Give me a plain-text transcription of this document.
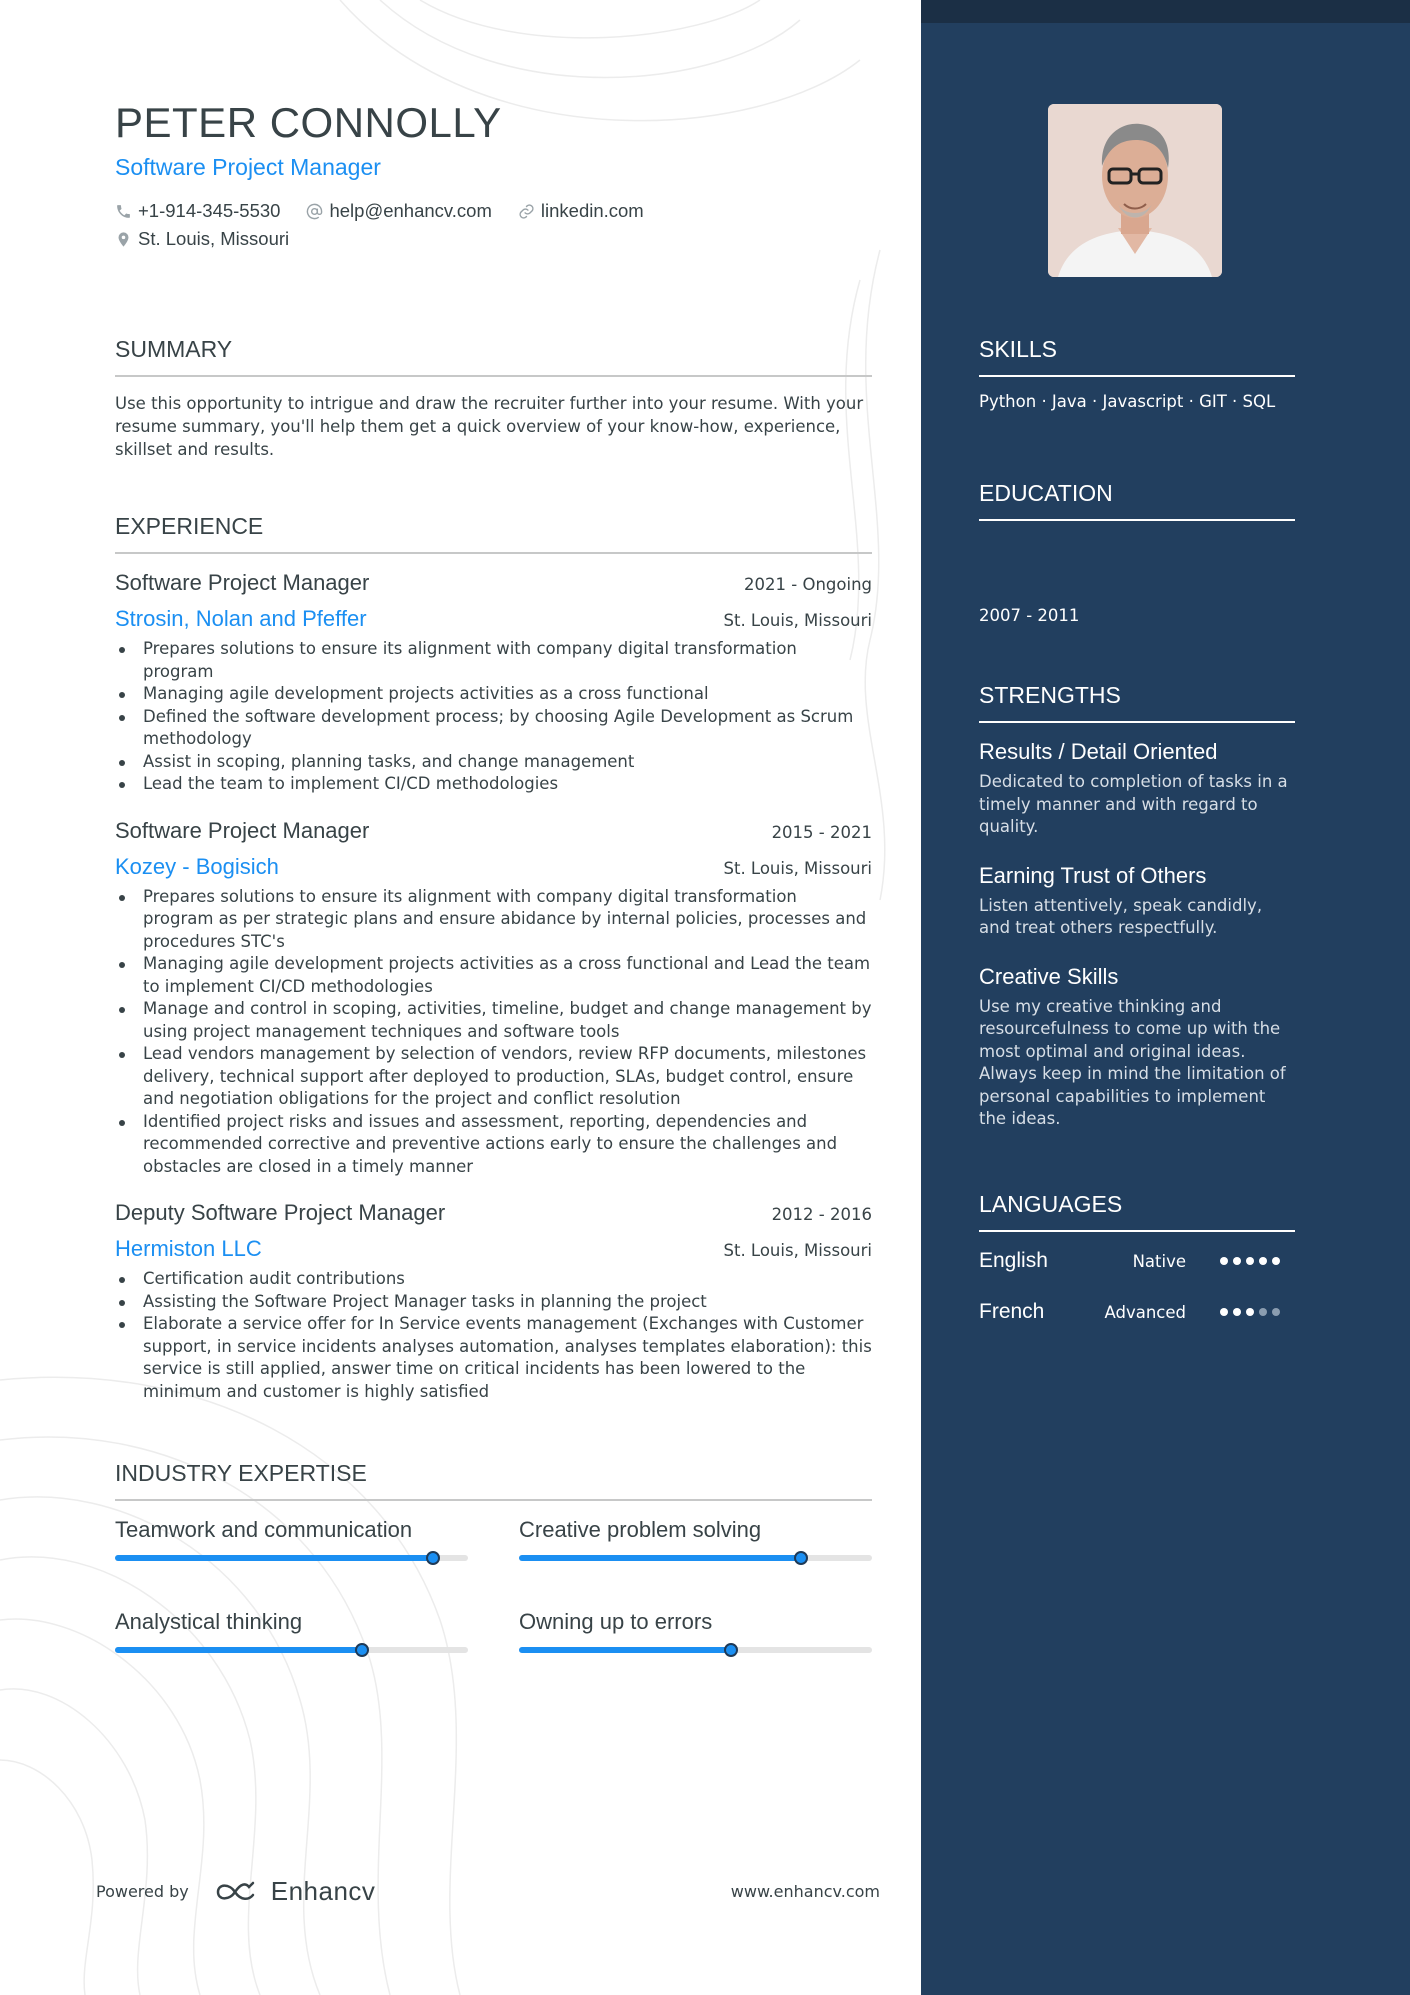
PETER CONNOLLY
Software Project Manager
+1-914-345-5530	help@enhancv.com	linkedin.com
St. Louis, Missouri
SUMMARY
Use this opportunity to intrigue and draw the recruiter further into your resume. With your resume summary, you'll help them get a quick overview of your know-how, experience, skillset and results.
EXPERIENCE
Software Project Manager	2021 - Ongoing
Strosin, Nolan and Pfeffer	St. Louis, Missouri
Prepares solutions to ensure its alignment with company digital transformation program
Managing agile development projects activities as a cross functional
Defined the software development process; by choosing Agile Development as Scrum methodology
Assist in scoping, planning tasks, and change management
Lead the team to implement CI/CD methodologies
Software Project Manager	2015 - 2021
Kozey - Bogisich	St. Louis, Missouri
Prepares solutions to ensure its alignment with company digital transformation program as per strategic plans and ensure abidance by internal policies, processes and procedures STC's
Managing agile development projects activities as a cross functional and Lead the team to implement CI/CD methodologies
Manage and control in scoping, activities, timeline, budget and change management by using project management techniques and software tools
Lead vendors management by selection of vendors, review RFP documents, milestones delivery, technical support after deployed to production, SLAs, budget control, ensure and negotiation obligations for the project and conflict resolution
Identified project risks and issues and assessment, reporting, dependencies and recommended corrective and preventive actions early to ensure the challenges and obstacles are closed in a timely manner
Deputy Software Project Manager	2012 - 2016
Hermiston LLC	St. Louis, Missouri
Certification audit contributions
Assisting the Software Project Manager tasks in planning the project
Elaborate a service offer for In Service events management (Exchanges with Customer support, in service incidents analyses automation, analyses templates elaboration): this service is still applied, answer time on critical incidents has been lowered to the minimum and customer is highly satisfied
INDUSTRY EXPERTISE
Teamwork and communication	Creative problem solving
Analystical thinking	Owning up to errors
Powered by	Enhancv	www.enhancv.com
SKILLS
Python · Java · Javascript · GIT · SQL
EDUCATION
2007 - 2011
STRENGTHS
Results / Detail Oriented
Dedicated to completion of tasks in a timely manner and with regard to quality.
Earning Trust of Others
Listen attentively, speak candidly, and treat others respectfully.
Creative Skills
Use my creative thinking and resourcefulness to come up with the most optimal and original ideas. Always keep in mind the limitation of personal capabilities to implement the ideas.
LANGUAGES
English	Native
French	Advanced
